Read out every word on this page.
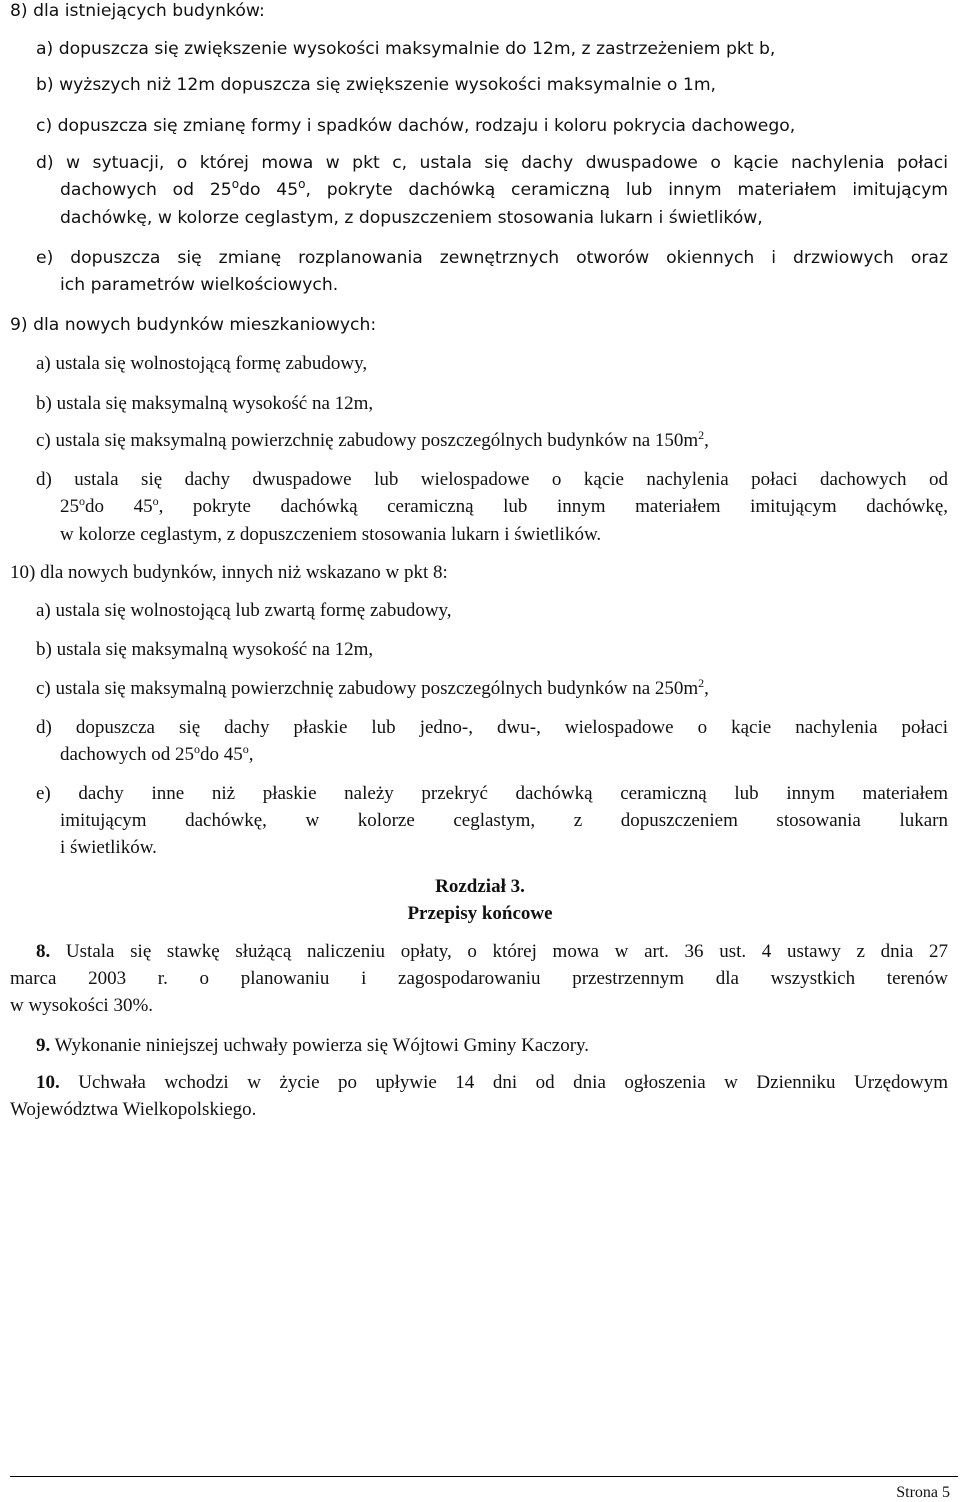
8) dla istniejących budynków:
a) dopuszcza się zwiększenie wysokości maksymalnie do 12m, z zastrzeżeniem pkt b,
b) wyższych niż 12m dopuszcza się zwiększenie wysokości maksymalnie o 1m,
c) dopuszcza się zmianę formy i spadków dachów, rodzaju i koloru pokrycia dachowego,
d) w sytuacji, o której mowa w pkt c, ustala się dachy dwuspadowe o kącie nachylenia połaci
dachowych od 25$^o$do 45$^o$, pokryte dachówką ceramiczną lub innym materiałem imitującym
dachówkę, w kolorze ceglastym, z dopuszczeniem stosowania lukarn i świetlików,
e) dopuszcza się zmianę rozplanowania zewnętrznych otworów okiennych i drzwiowych oraz
ich parametrów wielkościowych.
9) dla nowych budynków mieszkaniowych:
a) ustala się wolnostojącą formę zabudowy,
b) ustala się maksymalną wysokość na 12m,
c) ustala się maksymalną powierzchnię zabudowy poszczególnych budynków na $150m^2$,
d) ustala się dachy dwuspadowe lub wielospadowe o kącie nachylenia połaci dachowych od
25$^o$do 45$^o$, pokryte dachówką ceramiczną lub innym materiałem imitującym dachówkę,
w kolorze ceglastym, z dopuszczeniem stosowania lukarn i świetlików.
10) dla nowych budynków, innych niż wskazano w pkt 8:
a) ustala się wolnostojącą lub zwartą formę zabudowy,
b) ustala się maksymalną wysokość na 12m,
c) ustala się maksymalną powierzchnię zabudowy poszczególnych budynków na $250m^2$,
d) dopuszcza się dachy płaskie lub jedno-, dwu-, wielospadowe o kącie nachylenia połaci
dachowych od 25$^o$do 45$^o$,
e) dachy inne niż płaskie należy przekryć dachówką ceramiczną lub innym materiałem
imitującym dachówkę, w kolorze ceglastym, z dopuszczeniem stosowania lukarn
i świetlików.
Rozdział 3.
Przepisy końcowe
8. Ustala się stawkę służącą naliczeniu opłaty, o której mowa w art. 36 ust. 4 ustawy z dnia 27
marca 2003 r. o planowaniu i zagospodarowaniu przestrzennym dla wszystkich terenów
w wysokości 30%.
9. Wykonanie niniejszej uchwały powierza się Wójtowi Gminy Kaczory.
10. Uchwała wchodzi w życie po upływie 14 dni od dnia ogłoszenia w Dzienniku Urzędowym
Województwa Wielkopolskiego.
Strona 5
